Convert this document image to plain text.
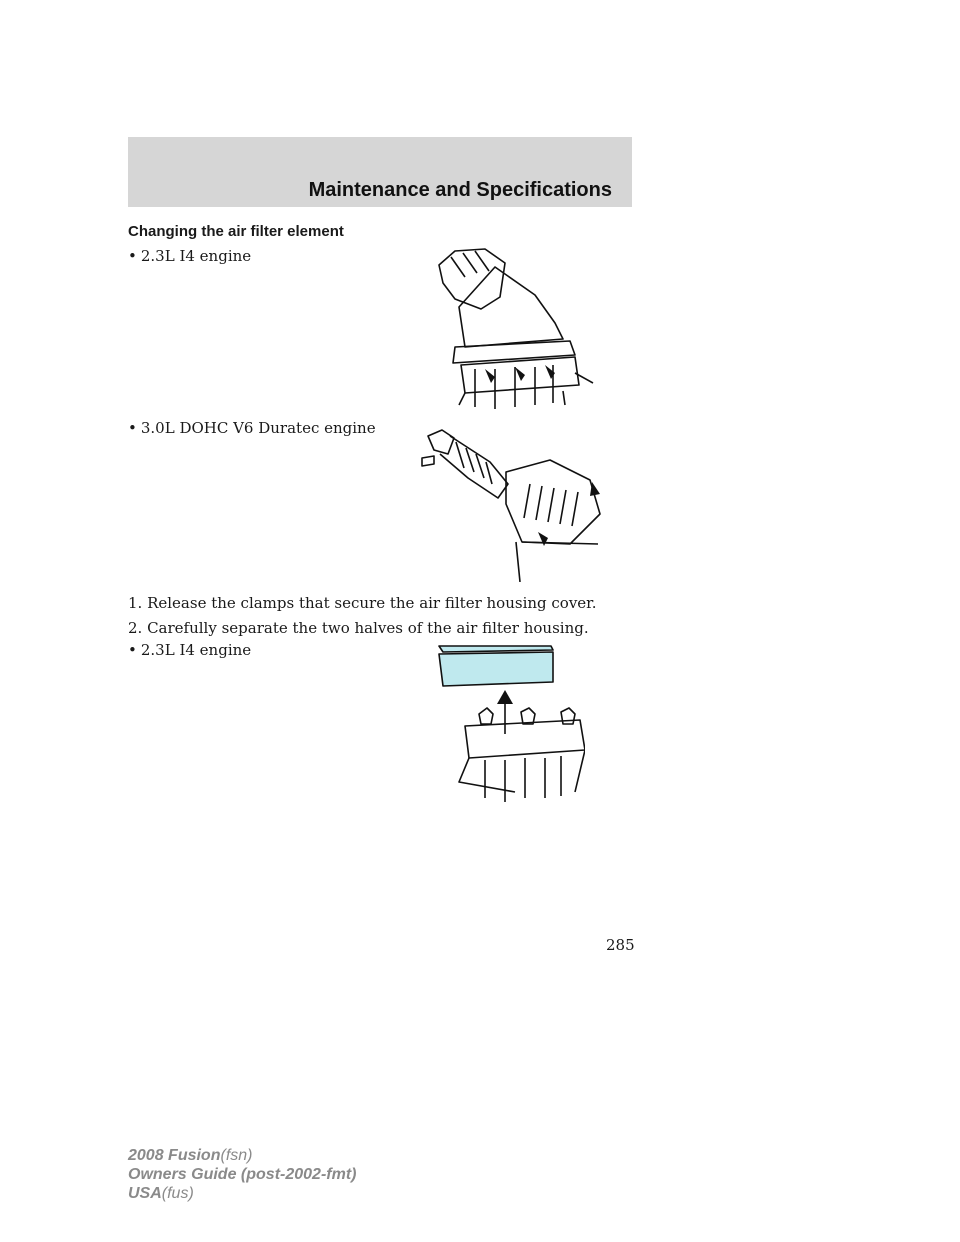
Maintenance and Specifications
Changing the air filter element
• 2.3L I4 engine
• 3.0L DOHC V6 Duratec engine
1. Release the clamps that secure the air filter housing cover.
2. Carefully separate the two halves of the air filter housing.
• 2.3L I4 engine
285
2008 Fusion(fsn)
Owners Guide (post-2002-fmt)
USA(fus)
